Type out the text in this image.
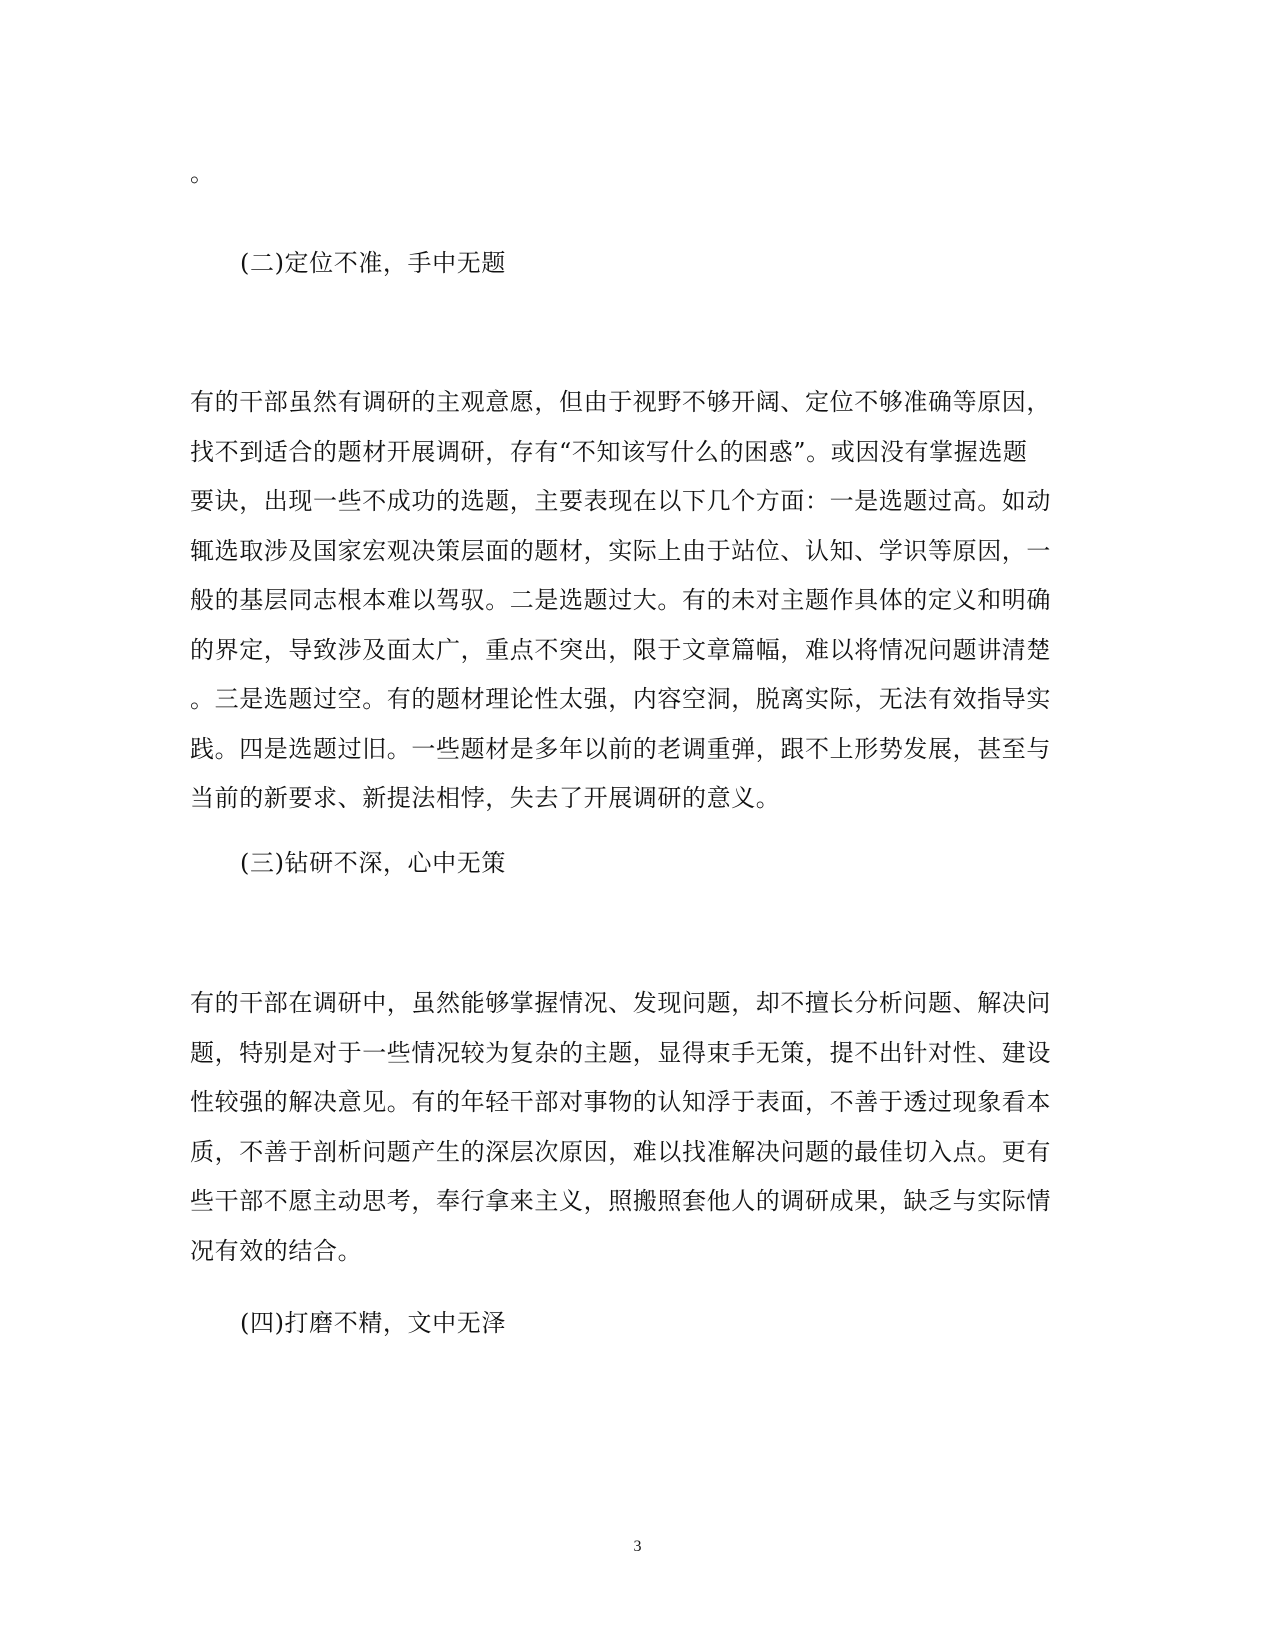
。
(二)定位不准，手中无题
有的干部虽然有调研的主观意愿，但由于视野不够开阔、定位不够准确等原因，
找不到适合的题材开展调研，存有“不知该写什么的困惑”。或因没有掌握选题
要诀，出现一些不成功的选题，主要表现在以下几个方面：一是选题过高。如动
辄选取涉及国家宏观决策层面的题材，实际上由于站位、认知、学识等原因，一
般的基层同志根本难以驾驭。二是选题过大。有的未对主题作具体的定义和明确
的界定，导致涉及面太广，重点不突出，限于文章篇幅，难以将情况问题讲清楚
。三是选题过空。有的题材理论性太强，内容空洞，脱离实际，无法有效指导实
践。四是选题过旧。一些题材是多年以前的老调重弹，跟不上形势发展，甚至与
当前的新要求、新提法相悖，失去了开展调研的意义。
(三)钻研不深，心中无策
有的干部在调研中，虽然能够掌握情况、发现问题，却不擅长分析问题、解决问
题，特别是对于一些情况较为复杂的主题，显得束手无策，提不出针对性、建设
性较强的解决意见。有的年轻干部对事物的认知浮于表面，不善于透过现象看本
质，不善于剖析问题产生的深层次原因，难以找准解决问题的最佳切入点。更有
些干部不愿主动思考，奉行拿来主义，照搬照套他人的调研成果，缺乏与实际情
况有效的结合。
(四)打磨不精，文中无泽
3
